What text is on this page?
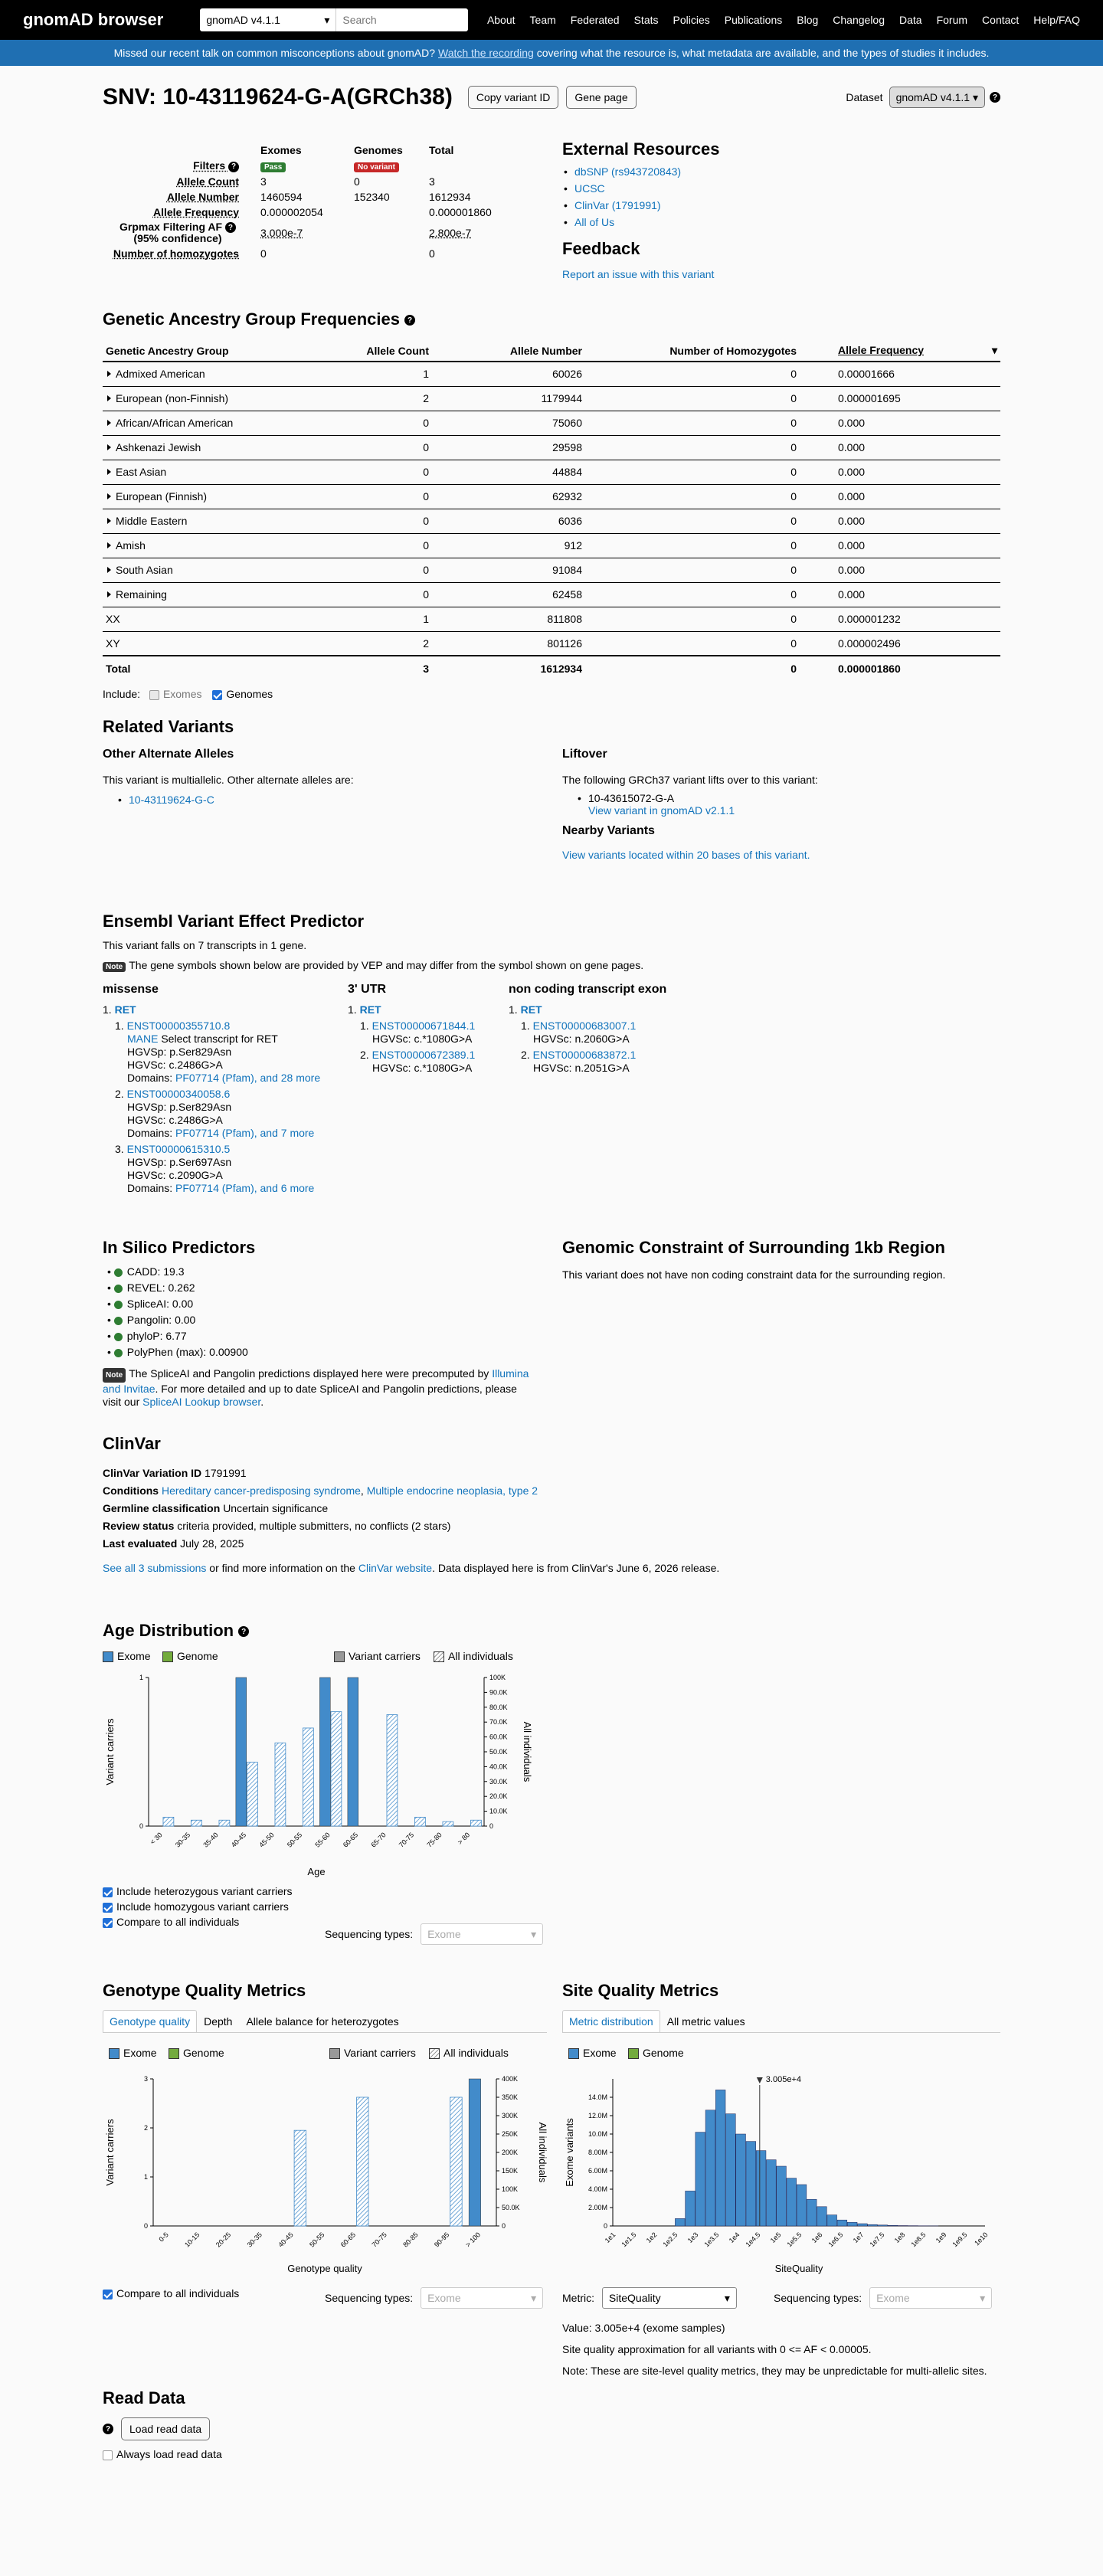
gnomAD browser	gnomAD v4.1.1	▾
Search	About Team Federated Stats Policies Publications Blog Changelog Data Forum Contact Help/FAQ
Missed our recent talk on common misconceptions about gnomAD? Watch the recording covering what the resource is, what metadata are available, and the types of studies it includes.
SNV: 10-43119624-G-A(GRCh38)	Copy variant ID	Gene page	Dataset gnomAD v4.1.1 ▾	?
	Exomes	Genomes	Total
Filters ?	Pass	No variant	
Allele Count	3	0	3
Allele Number	1460594	152340	1612934
Allele Frequency	0.000002054		0.000001860
Grpmax Filtering AF ?
(95% confidence)	3.000e-7		2.800e-7
Number of homozygotes	0		0
External Resources
• dbSNP (rs943720843)
• UCSC
• ClinVar (1791991)
• All of Us
Feedback
Report an issue with this variant
Genetic Ancestry Group Frequencies ?
Genetic Ancestry Group	Allele Count	Allele Number	Number of Homozygotes	Allele Frequency ▾

Admixed American	1	60026	0	0.00001666
European (non-Finnish)	2	1179944	0	0.000001695
African/African American	0	75060	0	0.000
Ashkenazi Jewish	0	29598	0	0.000
East Asian	0	44884	0	0.000
European (Finnish)	0	62932	0	0.000
Middle Eastern	0	6036	0	0.000
Amish	0	912	0	0.000
South Asian	0	91084	0	0.000
Remaining	0	62458	0	0.000
XX	1	811808	0	0.000001232
XY	2	801126	0	0.000002496
Total	3	1612934	0	0.000001860
Include: Exomes Genomes
Related Variants
Other Alternate Alleles

This variant is multiallelic. Other alternate alleles are:

• 10-43119624-G-C
Liftover

The following GRCh37 variant lifts over to this variant:

• 10-43615072-G-A
View variant in gnomAD v2.1.1
Nearby Variants
View variants located within 20 bases of this variant.
Ensembl Variant Effect Predictor

This variant falls on 7 transcripts in 1 gene.

Note The gene symbols shown below are provided by VEP and may differ from the symbol shown on gene pages.

missense
1. RET
1. ENST00000355710.8
MANE Select transcript for RET
HGVSp: p.Ser829Asn
HGVSc: c.2486G>A
Domains: PF07714 (Pfam), and 28 more
2. ENST00000340058.6
HGVSp: p.Ser829Asn
HGVSc: c.2486G>A
Domains: PF07714 (Pfam), and 7 more
3. ENST00000615310.5
HGVSp: p.Ser697Asn
HGVSc: c.2090G>A
Domains: PF07714 (Pfam), and 6 more
3' UTR
1. RET
1. ENST00000671844.1
HGVSc: c.*1080G>A
2. ENST00000672389.1
HGVSc: c.*1080G>A
non coding transcript exon
1. RET
1. ENST00000683007.1
HGVSc: n.2060G>A
2. ENST00000683872.1
HGVSc: n.2051G>A
In Silico Predictors
• CADD: 19.3
• REVEL: 0.262
• SpliceAI: 0.00
• Pangolin: 0.00
• phyloP: 6.77
• PolyPhen (max): 0.00900

Note The SpliceAI and Pangolin predictions displayed here were precomputed by Illumina and Invitae. For more detailed and up to date SpliceAI and Pangolin predictions, please visit our SpliceAI Lookup browser.

Genomic Constraint of Surrounding 1kb Region

This variant does not have non coding constraint data for the surrounding region.

ClinVar
ClinVar Variation ID 1791991
Conditions Hereditary cancer-predisposing syndrome, Multiple endocrine neoplasia, type 2
Germline classification Uncertain significance
Review status criteria provided, multiple submitters, no conflicts (2 stars)
Last evaluated July 28, 2025

See all 3 submissions or find more information on the ClinVar website. Data displayed here is from ClinVar's June 6, 2026 release.

Age Distribution ?
Exome	Genome	Variant carriers	All individuals
0
1
0
10.0K
20.0K
30.0K
40.0K
50.0K
60.0K
70.0K
80.0K
90.0K
100K
< 30 30-35 35-40 40-45 45-50 50-55 55-60 60-65 65-70 70-75 75-80 > 80
Age
Variant carriers	All individuals
Include heterozygous variant carriers
Include homozygous variant carriers
Compare to all individuals
Sequencing types: Exome	▾
Genotype Quality Metrics
Genotype quality	Depth	Allele balance for heterozygotes
Exome	Genome	Variant carriers	All individuals
0
1
2
3
0
50.0K
100K
150K
200K
250K
300K
350K
400K
0-5 10-15 20-25 30-35 40-45 50-55 60-65 70-75 80-85 90-95 > 100
Genotype quality
Variant carriers	All individuals
Compare to all individuals	Sequencing types: Exome	▾
Site Quality Metrics
Metric distribution	All metric values
Exome	Genome
0
2.00M
4.00M
6.00M
8.00M
10.0M
12.0M
14.0M
1e1 1e1.5 1e2 1e2.5 1e3 1e3.5 1e4 1e4.5 1e5 1e5.5 1e6 1e6.5 1e7 1e7.5 1e8 1e8.5 1e9 1e9.5 1e10
3.005e+4
SiteQuality
Exome variants
Metric: SiteQuality	▾	Sequencing types: Exome	▾

Value: 3.005e+4 (exome samples)

Site quality approximation for all variants with 0 <= AF < 0.00005.

Note: These are site-level quality metrics, they may be unpredictable for multi-allelic sites.

Read Data
?	Load read data
Always load read data
